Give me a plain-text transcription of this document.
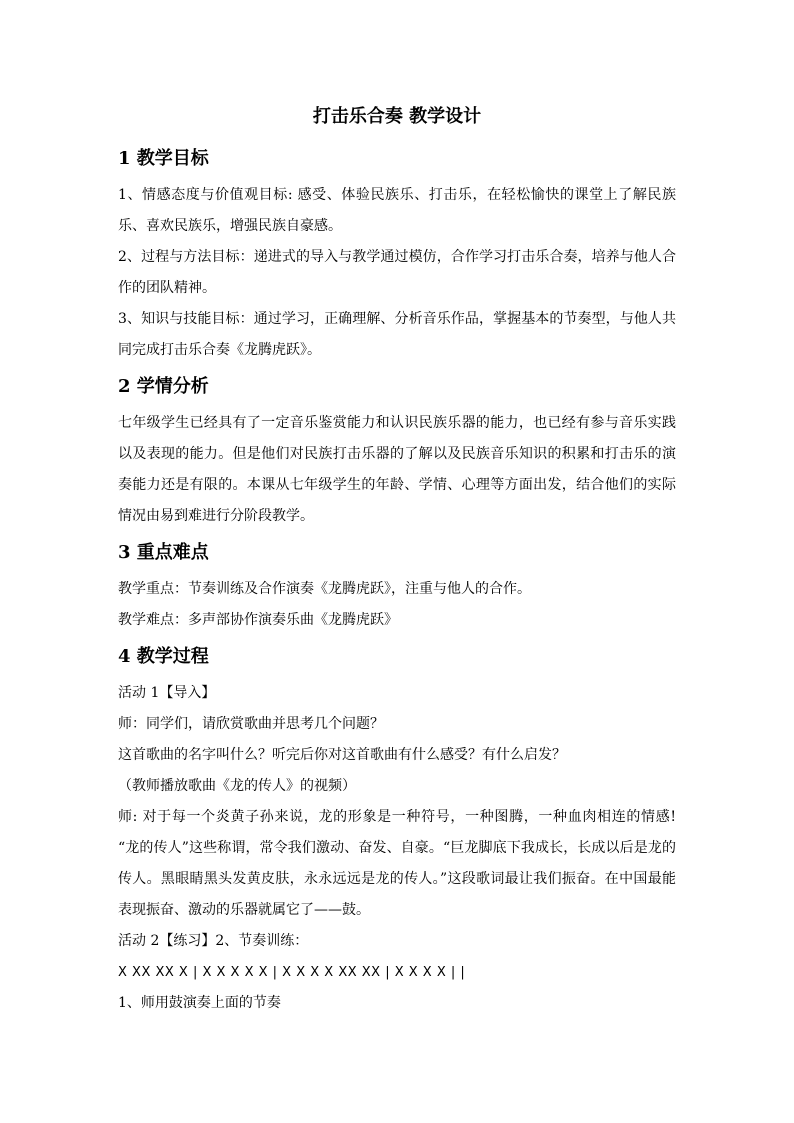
打击乐合奏 教学设计
1 教学目标

1、情感态度与价值观目标: 感受、体验民族乐、打击乐，在轻松愉快的课堂上了解民族乐、喜欢民族乐，增强民族自豪感。

2、过程与方法目标：递进式的导入与教学通过模仿，合作学习打击乐合奏，培养与他人合作的团队精神。

3、知识与技能目标：通过学习，正确理解、分析音乐作品，掌握基本的节奏型，与他人共同完成打击乐合奏《龙腾虎跃》。

2 学情分析

七年级学生已经具有了一定音乐鉴赏能力和认识民族乐器的能力，也已经有参与音乐实践以及表现的能力。但是他们对民族打击乐器的了解以及民族音乐知识的积累和打击乐的演奏能力还是有限的。本课从七年级学生的年龄、学情、心理等方面出发，结合他们的实际情况由易到难进行分阶段教学。

3 重点难点

教学重点：节奏训练及合作演奏《龙腾虎跃》，注重与他人的合作。

教学难点：多声部协作演奏乐曲《龙腾虎跃》

4 教学过程

活动 1【导入】

师：同学们，请欣赏歌曲并思考几个问题？

这首歌曲的名字叫什么？听完后你对这首歌曲有什么感受？有什么启发？

（教师播放歌曲《龙的传人》的视频）

师: 对于每一个炎黄子孙来说，龙的形象是一种符号，一种图腾，一种血肉相连的情感! “龙的传人”这些称谓，常令我们激动、奋发、自豪。“巨龙脚底下我成长，长成以后是龙的传人。黑眼睛黑头发黄皮肤，永永远远是龙的传人。”这段歌词最让我们振奋。在中国最能表现振奋、激动的乐器就属它了——鼓。

活动 2【练习】2、节奏训练：

X XX XX X | X X X X X | X X X X XX XX | X X X X | |

1、师用鼓演奏上面的节奏
